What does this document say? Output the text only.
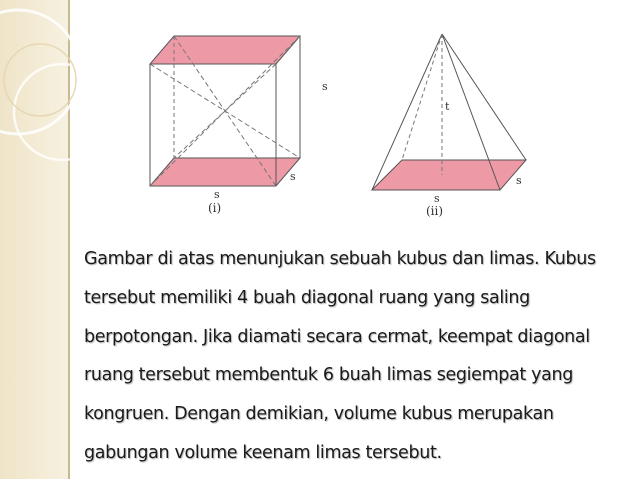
s
s
s
(i)
t
s
s
(ii)
Gambar di atas menunjukan sebuah kubus dan limas. Kubus
tersebut memiliki 4 buah diagonal ruang yang saling
berpotongan. Jika diamati secara cermat, keempat diagonal
ruang tersebut membentuk 6 buah limas segiempat yang
kongruen. Dengan demikian, volume kubus merupakan
gabungan volume keenam limas tersebut.
